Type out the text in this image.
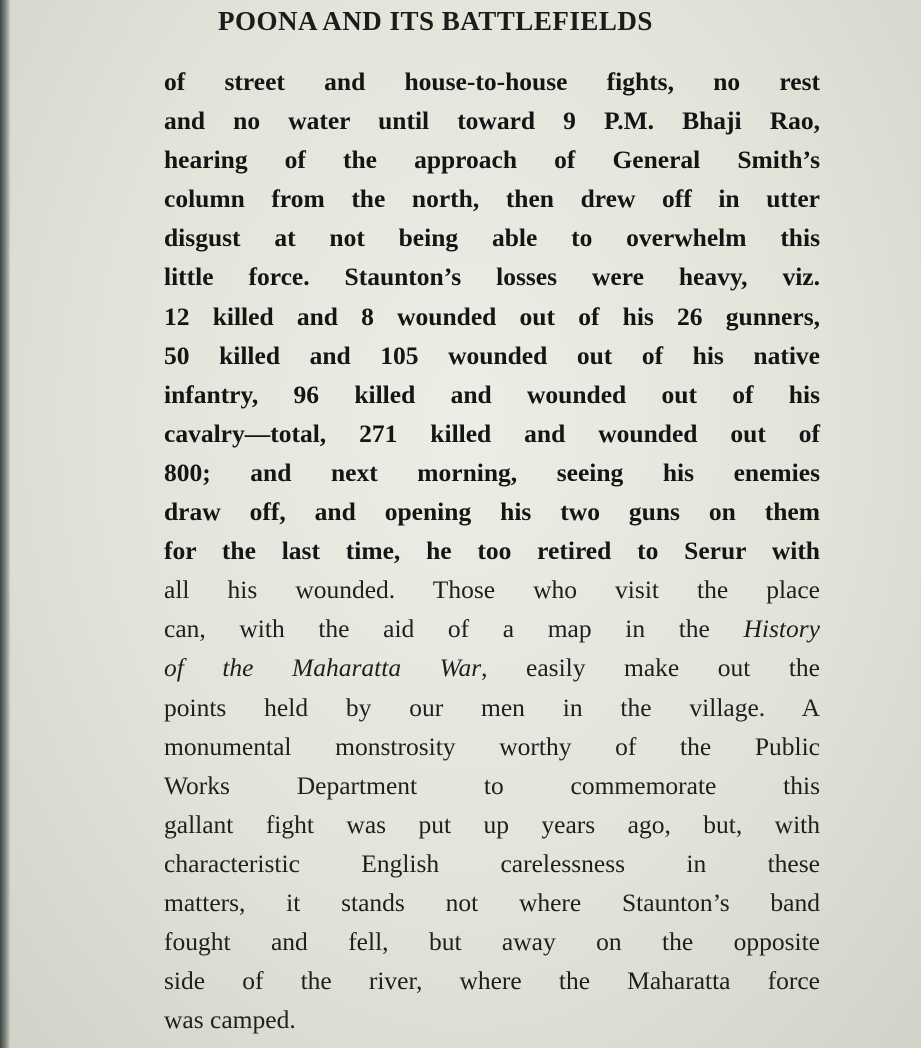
POONA AND ITS BATTLEFIELDS
of street and house-to-house fights, no rest
and no water until toward 9 P.M. Bhaji Rao,
hearing of the approach of General Smith’s
column from the north, then drew off in utter
disgust at not being able to overwhelm this
little force. Staunton’s losses were heavy, viz.
12 killed and 8 wounded out of his 26 gunners,
50 killed and 105 wounded out of his native
infantry, 96 killed and wounded out of his
cavalry—total, 271 killed and wounded out of
800; and next morning, seeing his enemies
draw off, and opening his two guns on them
for the last time, he too retired to Serur with
all his wounded. Those who visit the place
can, with the aid of a map in the History
of the Maharatta War, easily make out the
points held by our men in the village. A
monumental monstrosity worthy of the Public
Works Department to commemorate this
gallant fight was put up years ago, but, with
characteristic English carelessness in these
matters, it stands not where Staunton’s band
fought and fell, but away on the opposite
side of the river, where the Maharatta force
was camped.
